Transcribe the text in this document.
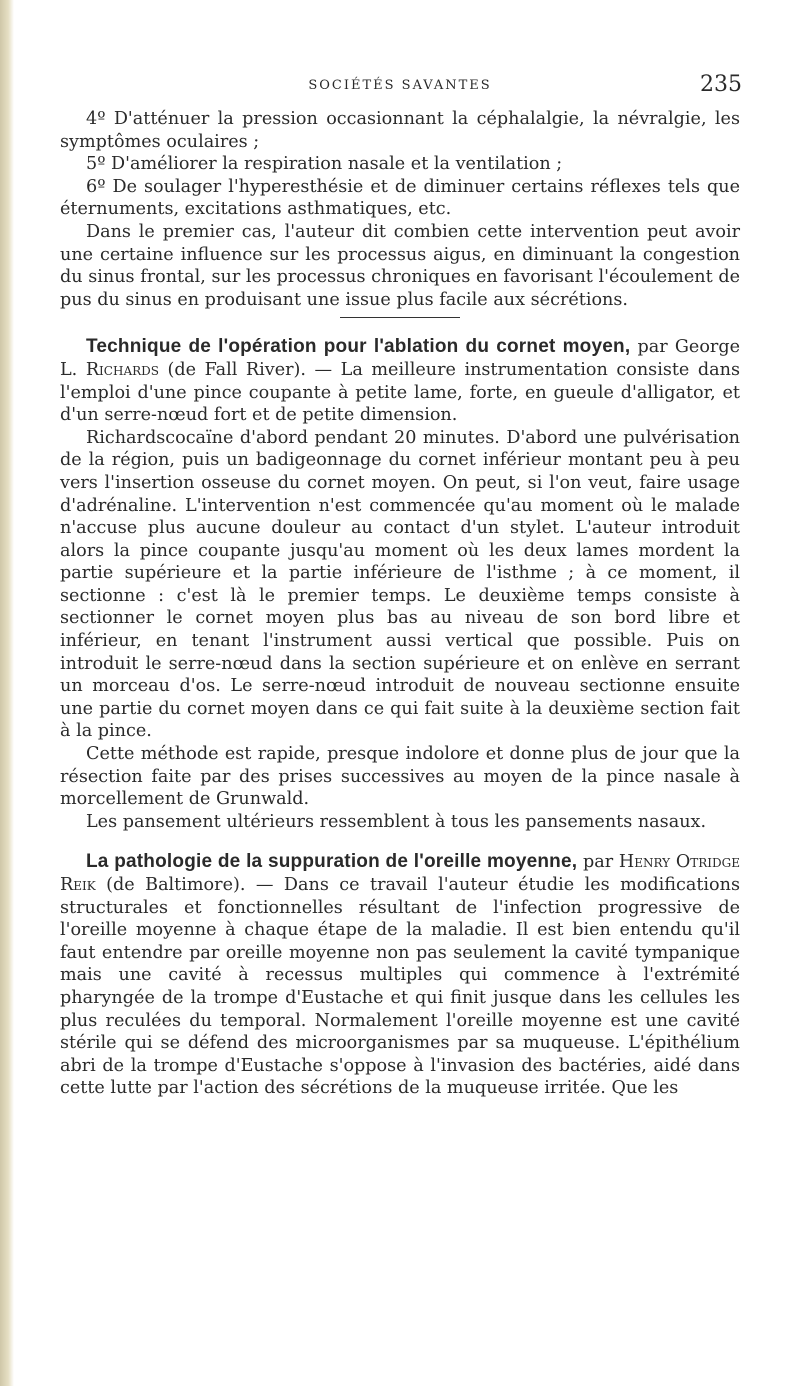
SOCIÉTÉS SAVANTES	235

4º D'atténuer la pression occasionnant la céphalalgie, la névralgie, les symptômes oculaires ;

5º D'améliorer la respiration nasale et la ventilation ;

6º De soulager l'hyperesthésie et de diminuer certains réflexes tels que éternuments, excitations asthmatiques, etc.

Dans le premier cas, l'auteur dit combien cette intervention peut avoir une certaine influence sur les processus aigus, en diminuant la congestion du sinus frontal, sur les processus chroniques en favorisant l'écoulement de pus du sinus en produisant une issue plus facile aux sécrétions.

Technique de l'opération pour l'ablation du cornet moyen, par George L. Richards (de Fall River). — La meilleure instrumentation consiste dans l'emploi d'une pince coupante à petite lame, forte, en gueule d'alligator, et d'un serre-nœud fort et de petite dimension.

Richardscocaïne d'abord pendant 20 minutes. D'abord une pulvérisation de la région, puis un badigeonnage du cornet inférieur montant peu à peu vers l'insertion osseuse du cornet moyen. On peut, si l'on veut, faire usage d'adrénaline. L'intervention n'est commencée qu'au moment où le malade n'accuse plus aucune douleur au contact d'un stylet. L'auteur introduit alors la pince coupante jusqu'au moment où les deux lames mordent la partie supérieure et la partie inférieure de l'isthme ; à ce moment, il sectionne : c'est là le premier temps. Le deuxième temps consiste à sectionner le cornet moyen plus bas au niveau de son bord libre et inférieur, en tenant l'instrument aussi vertical que possible. Puis on introduit le serre-nœud dans la section supérieure et on enlève en serrant un morceau d'os. Le serre-nœud introduit de nouveau sectionne ensuite une partie du cornet moyen dans ce qui fait suite à la deuxième section fait à la pince.

Cette méthode est rapide, presque indolore et donne plus de jour que la résection faite par des prises successives au moyen de la pince nasale à morcellement de Grunwald.

Les pansement ultérieurs ressemblent à tous les pansements nasaux.

La pathologie de la suppuration de l'oreille moyenne, par Henry Otridge Reik (de Baltimore). — Dans ce travail l'auteur étudie les modifications structurales et fonctionnelles résultant de l'infection progressive de l'oreille moyenne à chaque étape de la maladie. Il est bien entendu qu'il faut entendre par oreille moyenne non pas seulement la cavité tympanique mais une cavité à recessus multiples qui commence à l'extrémité pharyngée de la trompe d'Eustache et qui finit jusque dans les cellules les plus reculées du temporal. Normalement l'oreille moyenne est une cavité stérile qui se défend des microorganismes par sa muqueuse. L'épithélium abri de la trompe d'Eustache s'oppose à l'invasion des bactéries, aidé dans cette lutte par l'action des sécrétions de la muqueuse irritée. Que les
